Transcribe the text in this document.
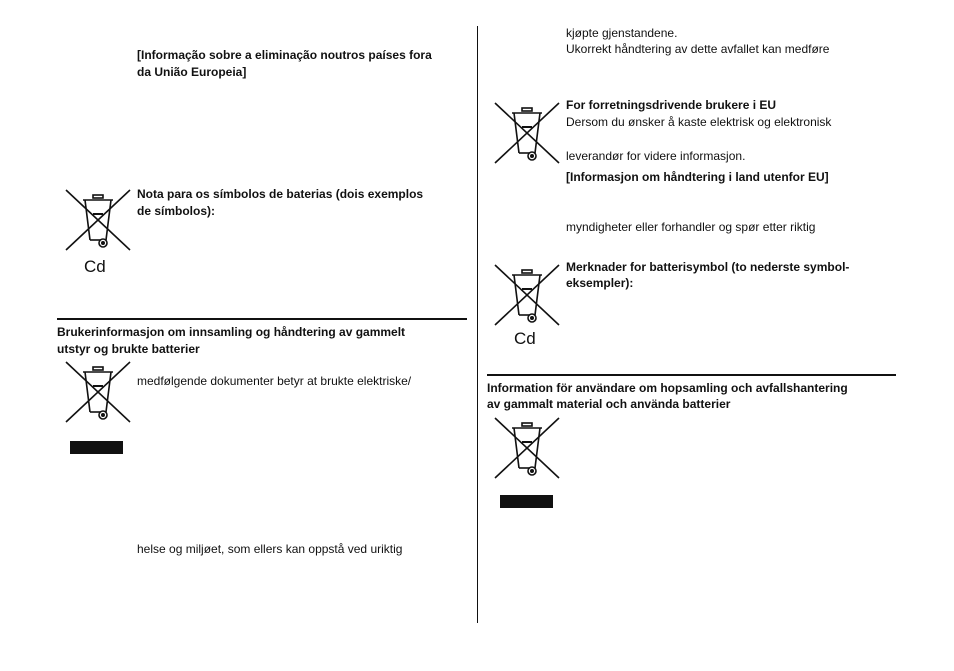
[Informação sobre a eliminação noutros países fora
da União Europeia]
Nota para os símbolos de baterias (dois exemplos
de símbolos):
Cd
Brukerinformasjon om innsamling og håndtering av gammelt
utstyr og brukte batterier
medfølgende dokumenter betyr at brukte elektriske/
helse og miljøet, som ellers kan oppstå ved uriktig
kjøpte gjenstandene.
Ukorrekt håndtering av dette avfallet kan medføre
For forretningsdrivende brukere i EU
Dersom du ønsker å kaste elektrisk og elektronisk
leverandør for videre informasjon.
[Informasjon om håndtering i land utenfor EU]
myndigheter eller forhandler og spør etter riktig
Merknader for batterisymbol (to nederste symbol-
eksempler):
Cd
Information för användare om hopsamling och avfallshantering
av gammalt material och använda batterier
